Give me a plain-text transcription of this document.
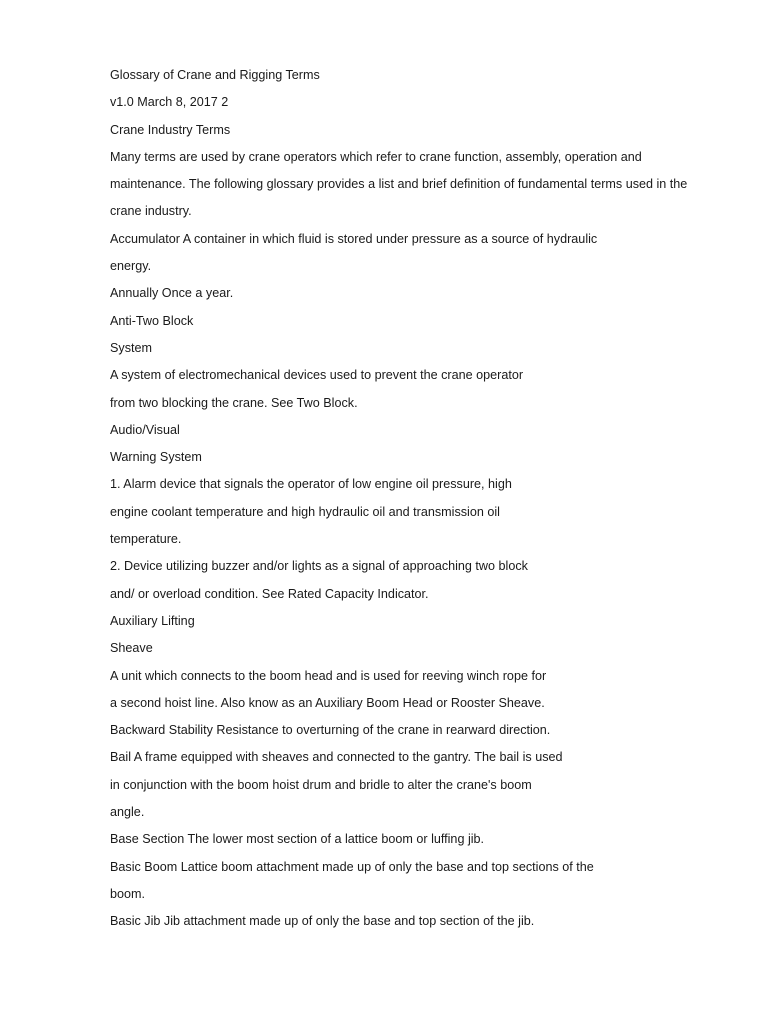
Glossary of Crane and Rigging Terms
v1.0 March 8, 2017 2
Crane Industry Terms
Many terms are used by crane operators which refer to crane function, assembly, operation and
maintenance. The following glossary provides a list and brief definition of fundamental terms used in the
crane industry.
Accumulator A container in which fluid is stored under pressure as a source of hydraulic
energy.
Annually Once a year.
Anti-Two Block
System
A system of electromechanical devices used to prevent the crane operator
from two blocking the crane. See Two Block.
Audio/Visual
Warning System
1. Alarm device that signals the operator of low engine oil pressure, high
engine coolant temperature and high hydraulic oil and transmission oil
temperature.
2. Device utilizing buzzer and/or lights as a signal of approaching two block
and/ or overload condition. See Rated Capacity Indicator.
Auxiliary Lifting
Sheave
A unit which connects to the boom head and is used for reeving winch rope for
a second hoist line. Also know as an Auxiliary Boom Head or Rooster Sheave.
Backward Stability Resistance to overturning of the crane in rearward direction.
Bail A frame equipped with sheaves and connected to the gantry. The bail is used
in conjunction with the boom hoist drum and bridle to alter the crane's boom
angle.
Base Section The lower most section of a lattice boom or luffing jib.
Basic Boom Lattice boom attachment made up of only the base and top sections of the
boom.
Basic Jib Jib attachment made up of only the base and top section of the jib.
